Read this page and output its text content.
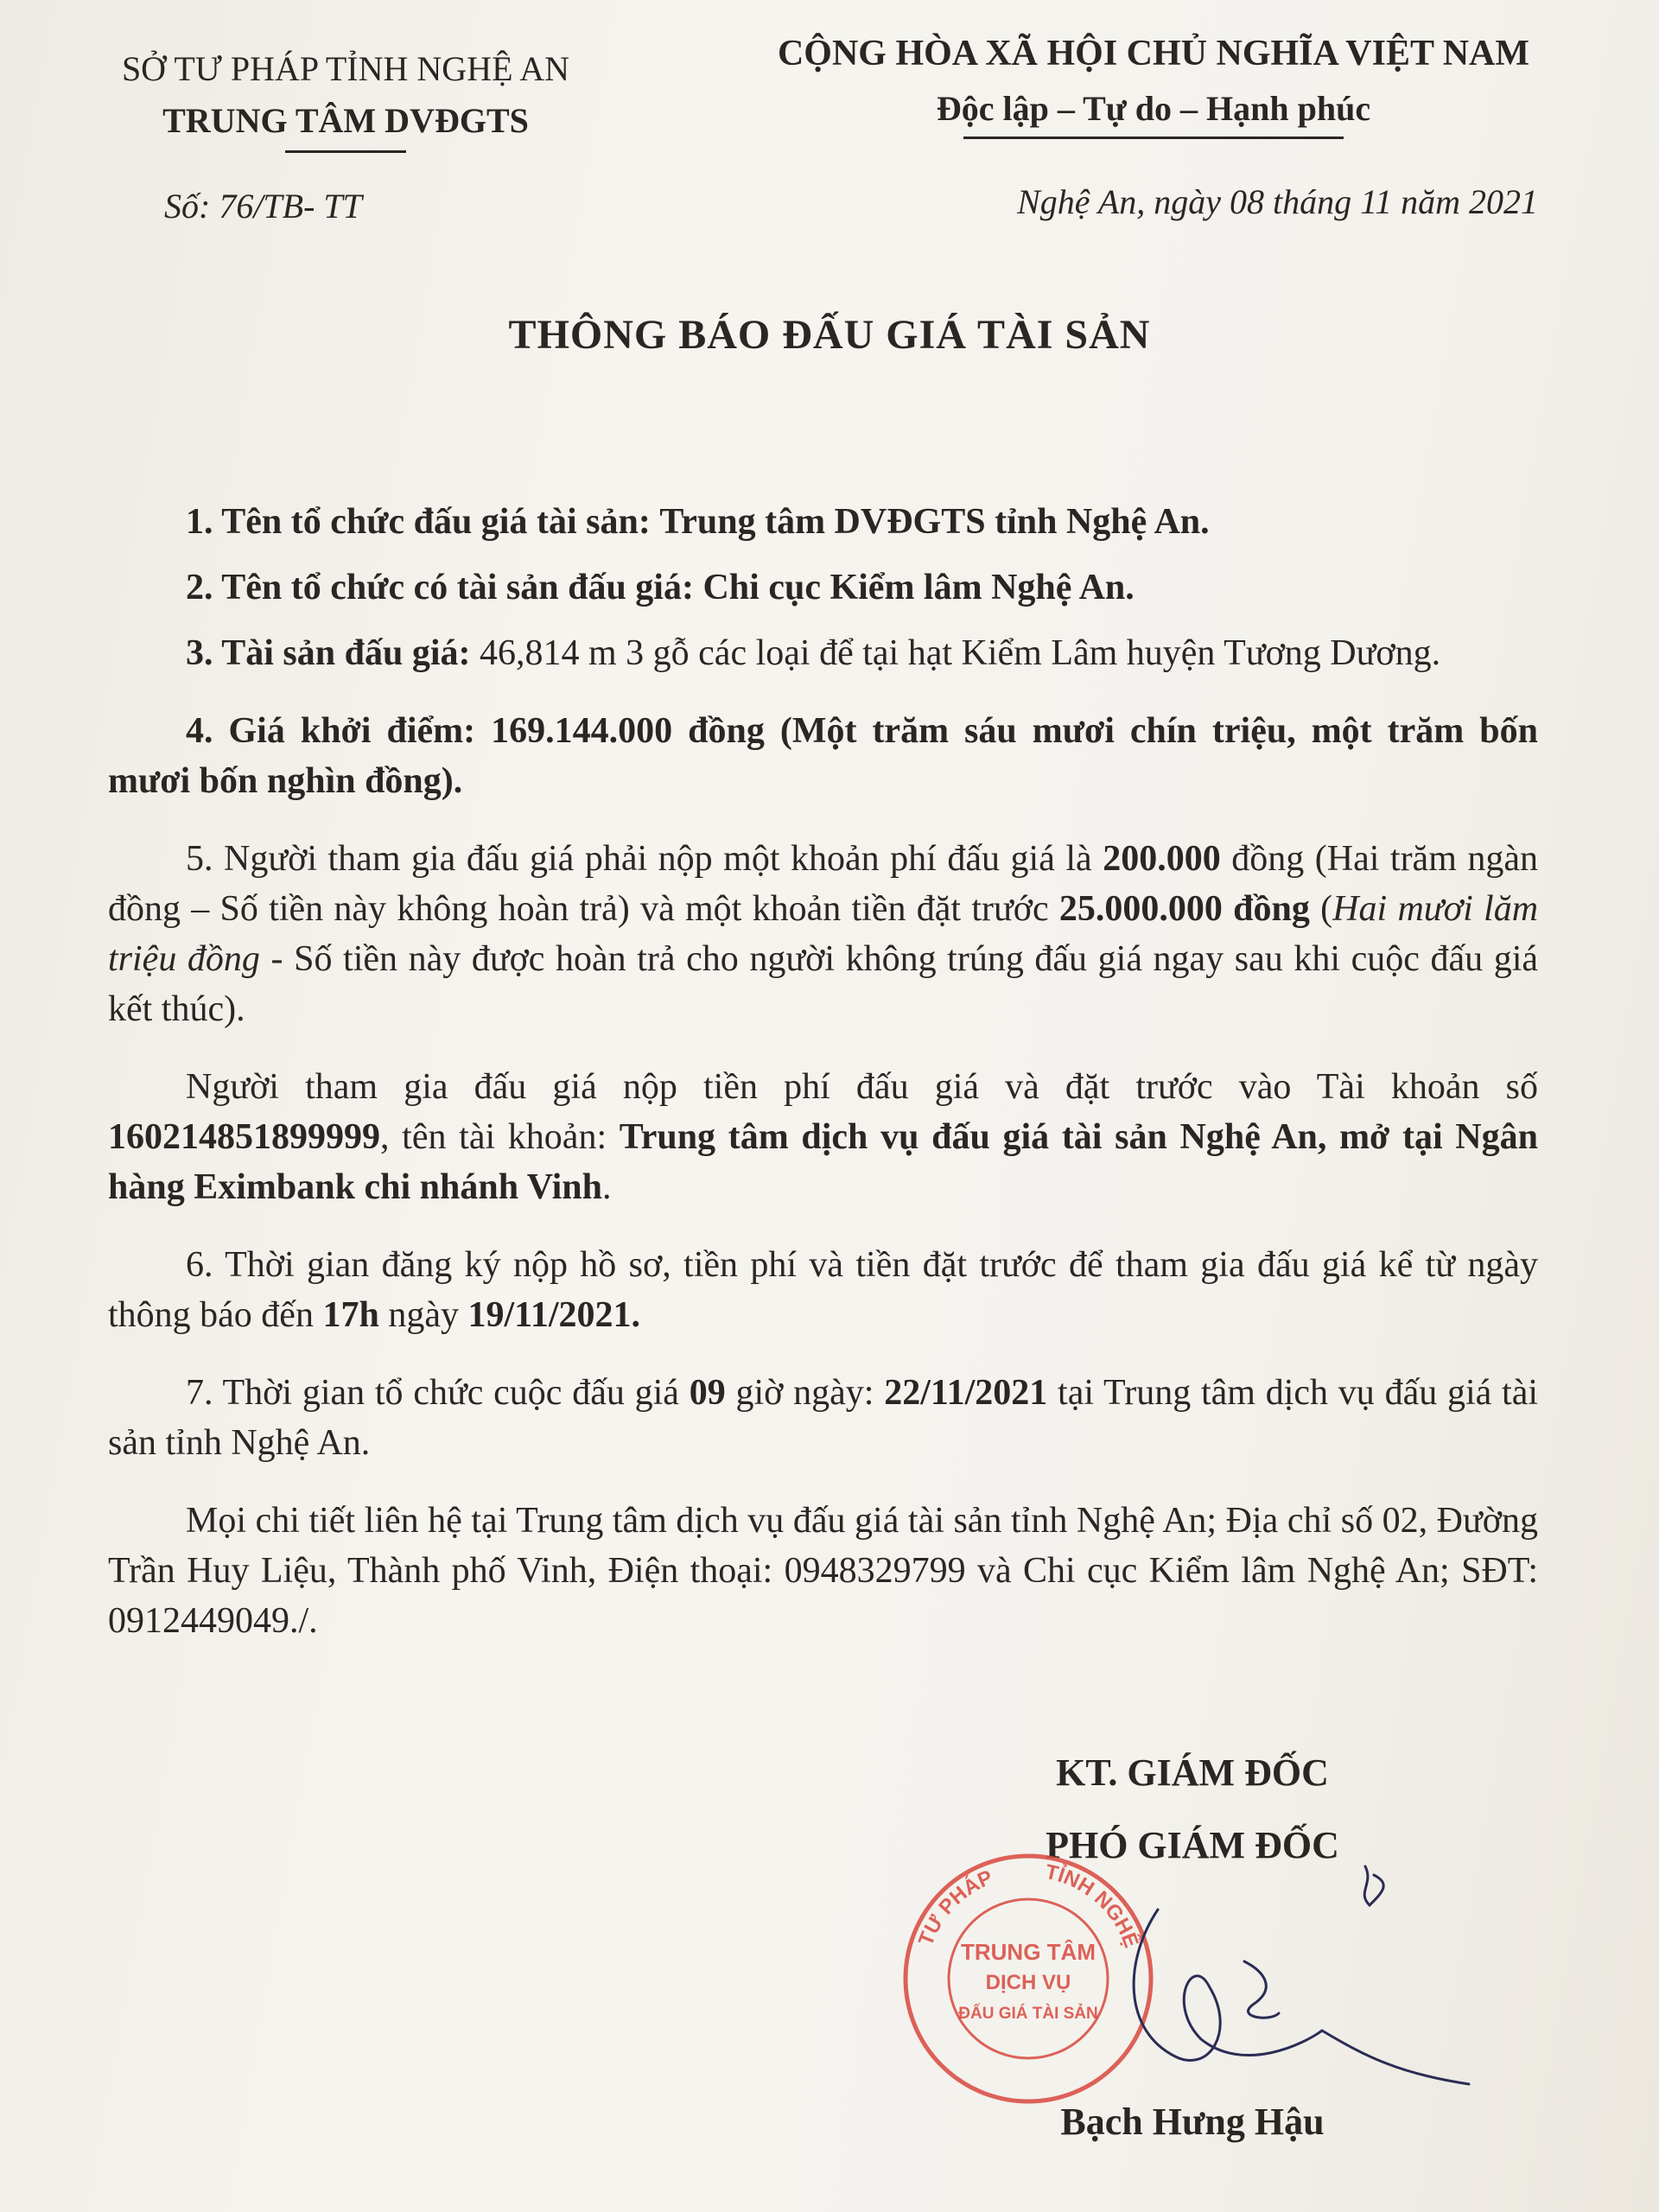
SỞ TƯ PHÁP TỈNH NGHỆ AN
TRUNG TÂM DVĐGTS
CỘNG HÒA XÃ HỘI CHỦ NGHĨA VIỆT NAM
Độc lập – Tự do – Hạnh phúc
Số: 76/TB- TT	Nghệ An, ngày 08 tháng 11 năm 2021
THÔNG BÁO ĐẤU GIÁ TÀI SẢN

1. Tên tổ chức đấu giá tài sản: Trung tâm DVĐGTS tỉnh Nghệ An.

2. Tên tổ chức có tài sản đấu giá: Chi cục Kiểm lâm Nghệ An.

3. Tài sản đấu giá: 46,814 m 3 gỗ các loại để tại hạt Kiểm Lâm huyện Tương Dương.

4. Giá khởi điểm: 169.144.000 đồng (Một trăm sáu mươi chín triệu, một trăm bốn mươi bốn nghìn đồng).

5. Người tham gia đấu giá phải nộp một khoản phí đấu giá là 200.000 đồng (Hai trăm ngàn đồng – Số tiền này không hoàn trả) và một khoản tiền đặt trước 25.000.000 đồng (Hai mươi lăm triệu đồng - Số tiền này được hoàn trả cho người không trúng đấu giá ngay sau khi cuộc đấu giá kết thúc).

Người tham gia đấu giá nộp tiền phí đấu giá và đặt trước vào Tài khoản số 160214851899999, tên tài khoản: Trung tâm dịch vụ đấu giá tài sản Nghệ An, mở tại Ngân hàng Eximbank chi nhánh Vinh.

6. Thời gian đăng ký nộp hồ sơ, tiền phí và tiền đặt trước để tham gia đấu giá kể từ ngày thông báo đến 17h ngày 19/11/2021.

7. Thời gian tổ chức cuộc đấu giá 09 giờ ngày: 22/11/2021 tại Trung tâm dịch vụ đấu giá tài sản tỉnh Nghệ An.

Mọi chi tiết liên hệ tại Trung tâm dịch vụ đấu giá tài sản tỉnh Nghệ An; Địa chỉ số 02, Đường Trần Huy Liệu, Thành phố Vinh, Điện thoại: 0948329799 và Chi cục Kiểm lâm Nghệ An; SĐT: 0912449049./.

KT. GIÁM ĐỐC
PHÓ GIÁM ĐỐC
TƯ PHÁP TỈNH NGHỆ
TRUNG TÂM
DỊCH VỤ
ĐẤU GIÁ TÀI SẢN
Bạch Hưng Hậu
